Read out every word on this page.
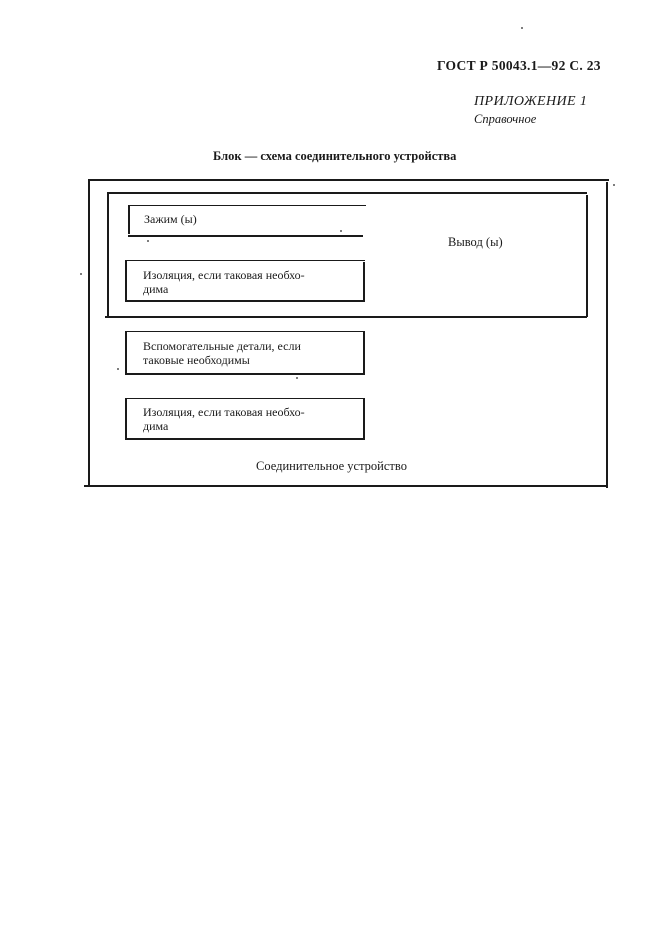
ГОСТ Р 50043.1—92 С. 23
ПРИЛОЖЕНИЕ 1
Справочное
Блок — схема соединительного устройства
Зажим (ы)
Изоляция, если таковая необхо-
дима
Вывод (ы)
Вспомогательные детали, если
таковые необходимы
Изоляция, если таковая необхо-
дима
Соединительное устройство
